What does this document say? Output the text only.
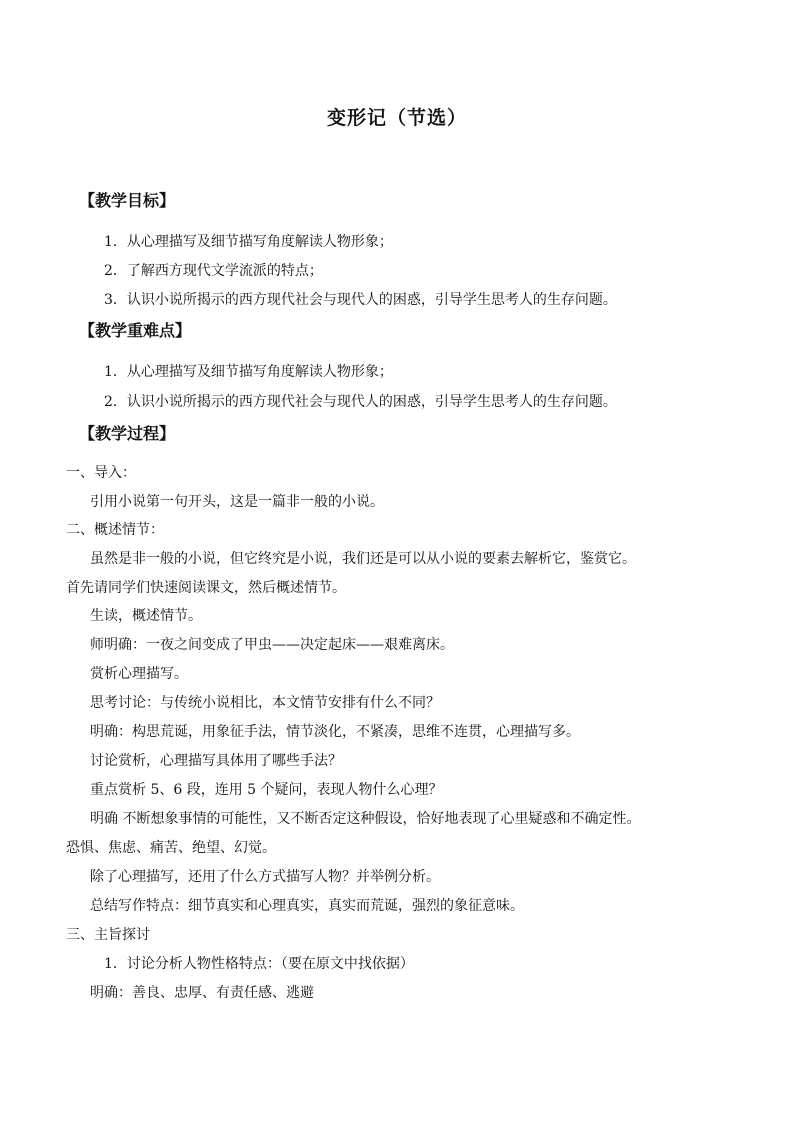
变形记（节选）
【教学目标】
1．从心理描写及细节描写角度解读人物形象；
2．了解西方现代文学流派的特点；
3．认识小说所揭示的西方现代社会与现代人的困惑，引导学生思考人的生存问题。
【教学重难点】
1．从心理描写及细节描写角度解读人物形象；
2．认识小说所揭示的西方现代社会与现代人的困惑，引导学生思考人的生存问题。
【教学过程】
一、导入：
引用小说第一句开头，这是一篇非一般的小说。
二、概述情节：
虽然是非一般的小说，但它终究是小说，我们还是可以从小说的要素去解析它，鉴赏它。
首先请同学们快速阅读课文，然后概述情节。
生读，概述情节。
师明确：一夜之间变成了甲虫——决定起床——艰难离床。
赏析心理描写。
思考讨论：与传统小说相比，本文情节安排有什么不同？
明确：构思荒诞，用象征手法，情节淡化，不紧凑，思维不连贯，心理描写多。
讨论赏析，心理描写具体用了哪些手法？
重点赏析 5、6 段，连用 5 个疑问，表现人物什么心理？
明确 不断想象事情的可能性，又不断否定这种假设，恰好地表现了心里疑惑和不确定性。
恐惧、焦虑、痛苦、绝望、幻觉。
除了心理描写，还用了什么方式描写人物？并举例分析。
总结写作特点：细节真实和心理真实，真实而荒诞，强烈的象征意味。
三、主旨探讨
1．讨论分析人物性格特点：（要在原文中找依据）
明确：善良、忠厚、有责任感、逃避
